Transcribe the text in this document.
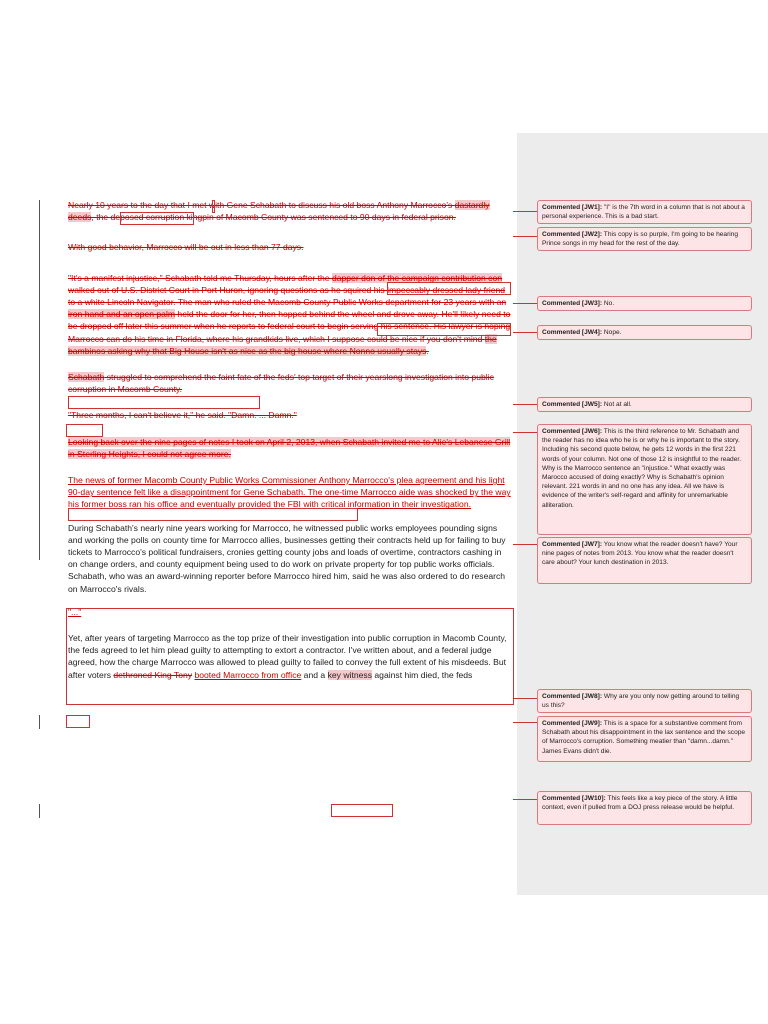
Nearly 10 years to the day that I met with Gene Schabath to discuss his old boss Anthony Marrocco's dastardly deeds, the deposed corruption kingpin of Macomb County was sentenced to 90 days in federal prison.

With good behavior, Marrocco will be out in less than 77 days.

"It's a manifest injustice," Schabath told me Thursday, hours after the dapper don of the campaign contribution con walked out of U.S. District Court in Port Huron, ignoring questions as he squired his impeccably dressed lady friend to a white Lincoln Navigator. The man who ruled the Macomb County Public Works department for 23 years with an iron hand and an open palm held the door for her, then hopped behind the wheel and drove away. He'll likely need to be dropped off later this summer when he reports to federal court to begin serving his sentence. His lawyer is hoping Marrocco can do his time in Florida, where his grandkids live, which I suppose could be nice if you don't mind the bambinos asking why that Big House isn't as nice as the big house where Nonno usually stays.

Schabath struggled to comprehend the faint fate of the feds' top target of their yearslong investigation into public corruption in Macomb County.

"Three months, I can't believe it," he said. "Damn. ... Damn."

Looking back over the nine pages of notes I took on April 2, 2013, when Schabath invited me to Alie's Lebanese Grill in Sterling Heights, I could not agree more.

The news of former Macomb County Public Works Commissioner Anthony Marrocco's plea agreement and his light 90-day sentence felt like a disappointment for Gene Schabath. The one-time Marrocco aide was shocked by the way his former boss ran his office and eventually provided the FBI with critical information in their investigation.

During Schabath's nearly nine years working for Marrocco, he witnessed public works employees pounding signs and working the polls on county time for Marrocco allies, businesses getting their contracts held up for failing to buy tickets to Marrocco's political fundraisers, cronies getting county jobs and loads of overtime, contractors cashing in on change orders, and county equipment being used to do work on private property for top public works officials. Schabath, who was an award-winning reporter before Marrocco hired him, said he was also ordered to do research on Marrocco's rivals.

"..."

Yet, after years of targeting Marrocco as the top prize of their investigation into public corruption in Macomb County, the feds agreed to let him plead guilty to attempting to extort a contractor. I've written about, and a federal judge agreed, how the charge Marrocco was allowed to plead guilty to failed to convey the full extent of his misdeeds. But after voters dethroned King Tony booted Marrocco from office and a key witness against him died, the feds

Commented [JW1]: "I" is the 7th word in a column that is not about a personal experience. This is a bad start.
Commented [JW2]: This copy is so purple, I'm going to be hearing Prince songs in my head for the rest of the day.
Commented [JW3]: No.
Commented [JW4]: Nope.
Commented [JW5]: Not at all.
Commented [JW6]: This is the third reference to Mr. Schabath and the reader has no idea who he is or why he is important to the story. Including his second quote below, he gets 12 words in the first 221 words of your column. Not one of those 12 is insightful to the reader. Why is the Marrocco sentence an "injustice." What exactly was Marocco accused of doing exactly? Why is Schabath's opinion relevant. 221 words in and no one has any idea. All we have is evidence of the writer's self-regard and affinity for unremarkable alliteration.
Commented [JW7]: You know what the reader doesn't have? Your nine pages of notes from 2013. You know what the reader doesn't care about? Your lunch destination in 2013.
Commented [JW8]: Why are you only now getting around to telling us this?
Commented [JW9]: This is a space for a substantive comment from Schabath about his disappointment in the lax sentence and the scope of Marrocco's corruption. Something meatier than "damn...damn." James Evans didn't die.
Commented [JW10]: This feels like a key piece of the story. A little context, even if pulled from a DOJ press release would be helpful.
